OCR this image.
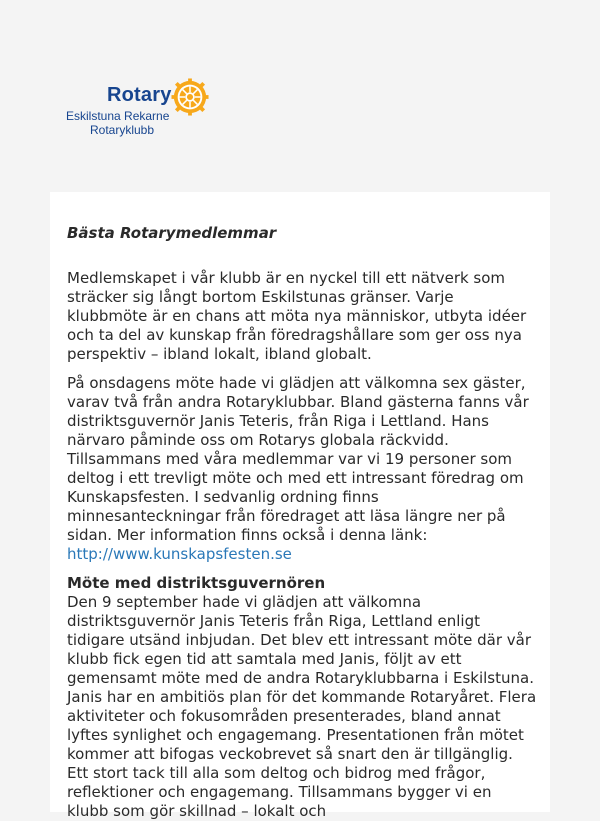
Rotary
Eskilstuna Rekarne
Rotaryklubb
Bästa Rotarymedlemmar

Medlemskapet i vår klubb är en nyckel till ett nätverk som sträcker sig långt bortom Eskilstunas gränser. Varje klubbmöte är en chans att möta nya människor, utbyta idéer och ta del av kunskap från föredragshållare som ger oss nya perspektiv – ibland lokalt, ibland globalt.

På onsdagens möte hade vi glädjen att välkomna sex gäster, varav två från andra Rotaryklubbar. Bland gästerna fanns vår distriktsguvernör Janis Teteris, från Riga i Lettland. Hans närvaro påminde oss om Rotarys globala räckvidd. Tillsammans med våra medlemmar var vi 19 personer som deltog i ett trevligt möte och med ett intressant föredrag om Kunskapsfesten. I sedvanlig ordning finns minnesanteckningar från föredraget att läsa längre ner på sidan. Mer information finns också i denna länk: http://www.kunskapsfesten.se

Möte med distriktsguvernören

Den 9 september hade vi glädjen att välkomna distriktsguvernör Janis Teteris från Riga, Lettland enligt tidigare utsänd inbjudan. Det blev ett intressant möte där vår klubb fick egen tid att samtala med Janis, följt av ett gemensamt möte med de andra Rotaryklubbarna i Eskilstuna. Janis har en ambitiös plan för det kommande Rotaryåret. Flera aktiviteter och fokusområden presenterades, bland annat lyftes synlighet och engagemang. Presentationen från mötet kommer att bifogas veckobrevet så snart den är tillgänglig. Ett stort tack till alla som deltog och bidrog med frågor, reflektioner och engagemang. Tillsammans bygger vi en klubb som gör skillnad – lokalt och
